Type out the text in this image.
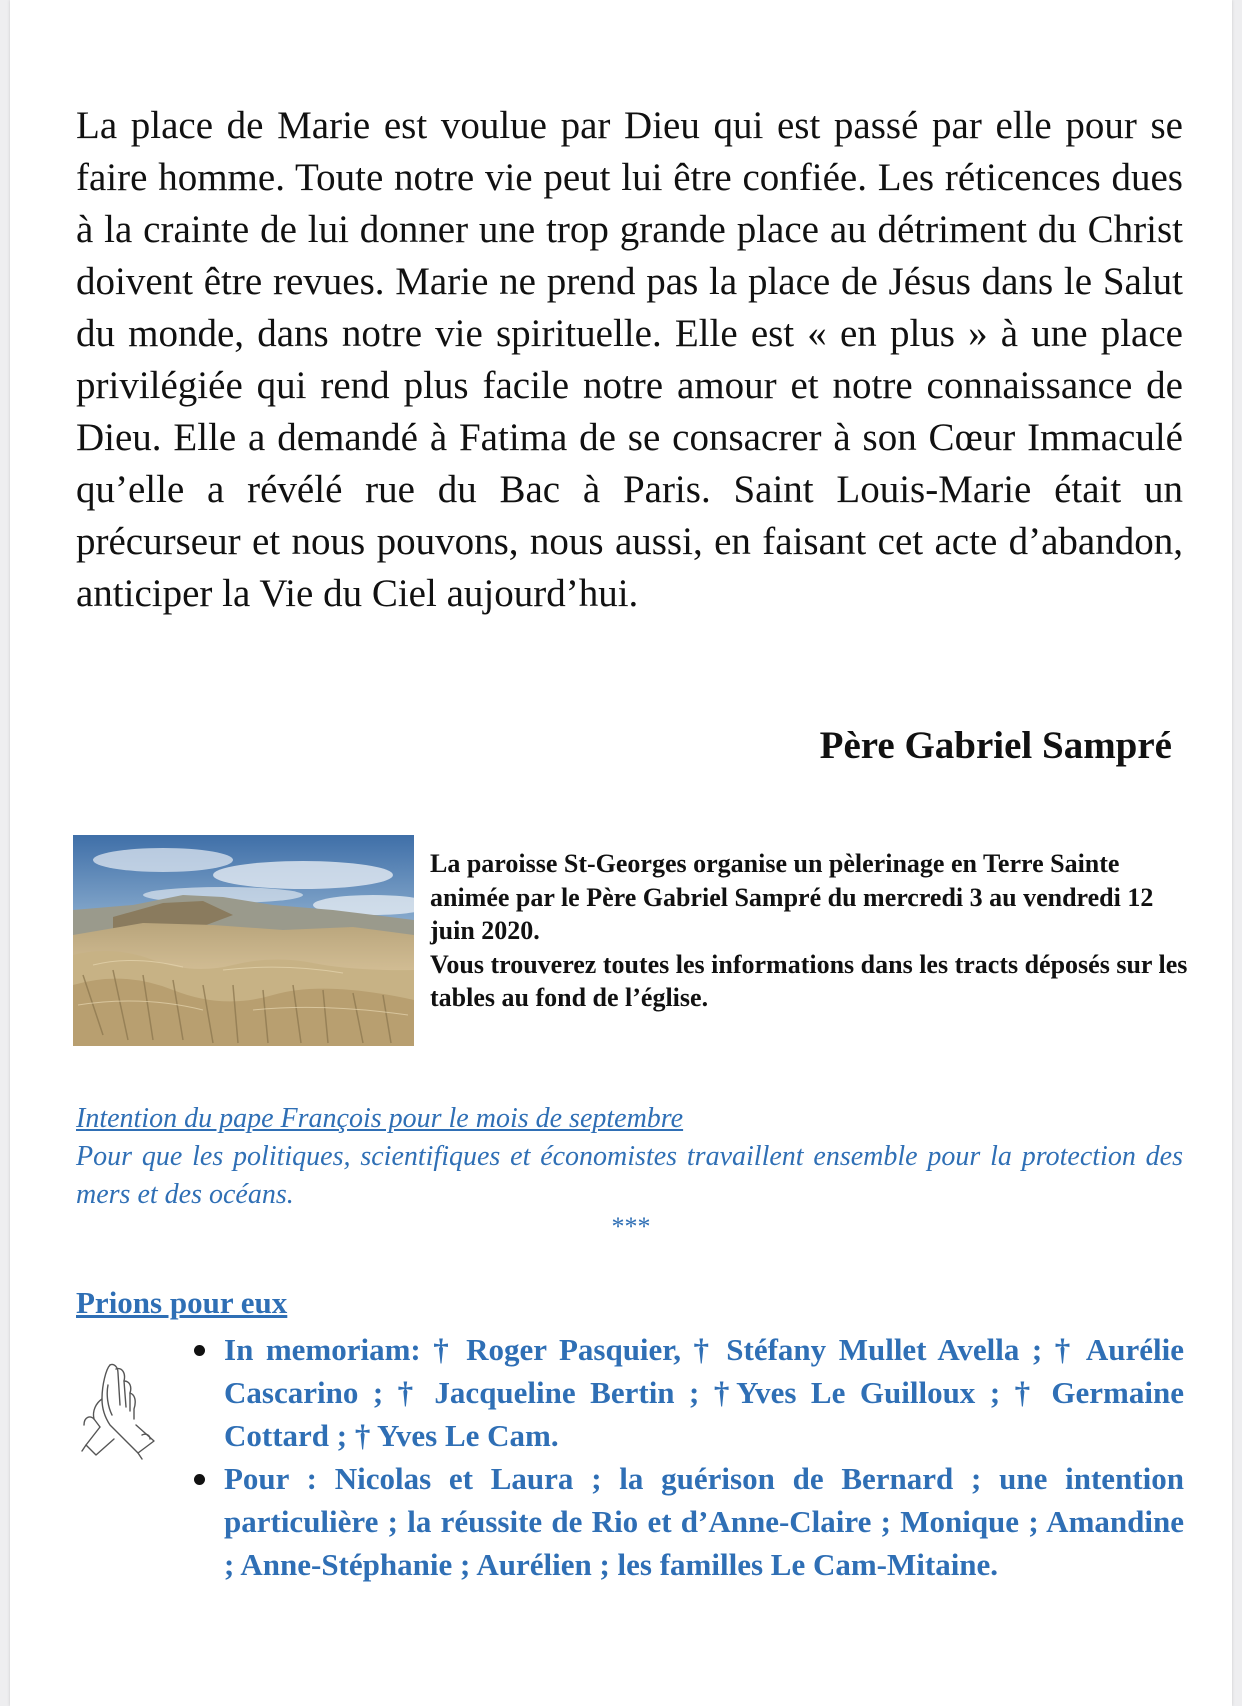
La place de Marie est voulue par Dieu qui est passé par elle pour se faire homme. Toute notre vie peut lui être confiée. Les réticences dues à la crainte de lui donner une trop grande place au détriment du Christ doivent être revues. Marie ne prend pas la place de Jésus dans le Salut du monde, dans notre vie spirituelle. Elle est « en plus » à une place privilégiée qui rend plus facile notre amour et notre connaissance de Dieu. Elle a demandé à Fatima de se consacrer à son Cœur Immaculé qu’elle a révélé rue du Bac à Paris. Saint Louis-Marie était un précurseur et nous pouvons, nous aussi, en faisant cet acte d’abandon, anticiper la Vie du Ciel aujourd’hui.

Père Gabriel Sampré

La paroisse St-Georges organise un pèlerinage en Terre Sainte animée par le Père Gabriel Sampré du mercredi 3 au vendredi 12 juin 2020.
Vous trouverez toutes les informations dans les tracts déposés sur les tables au fond de l’église.
Intention du pape François pour le mois de septembre
Pour que les politiques, scientifiques et économistes travaillent ensemble pour la protection des mers et des océans.
***

Prions pour eux

In memoriam: † Roger Pasquier, † Stéfany Mullet Avella ; † Aurélie Cascarino ; † Jacqueline Bertin ; †Yves Le Guilloux ; † Germaine Cottard ; † Yves Le Cam.
Pour : Nicolas et Laura ; la guérison de Bernard ; une intention particulière ; la réussite de Rio et d’Anne-Claire ; Monique ; Amandine ; Anne-Stéphanie ; Aurélien ; les familles Le Cam-Mitaine.
